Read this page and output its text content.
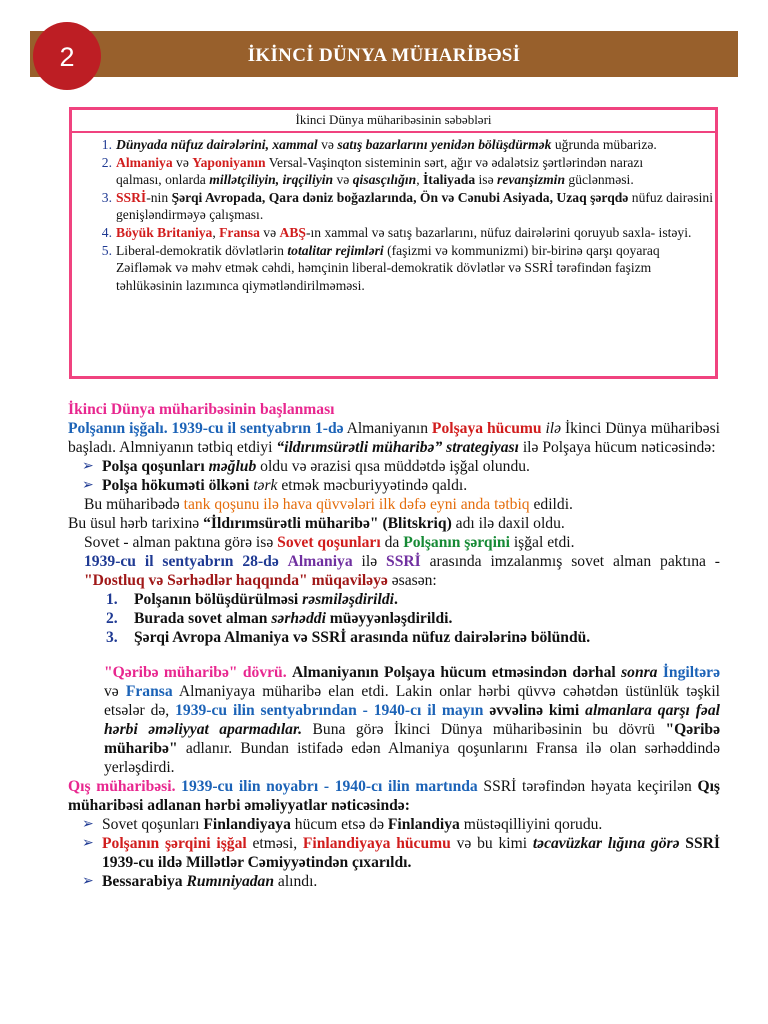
İKİNCİ DÜNYA MÜHARİBƏSİ
2
İkinci Dünya müharibəsinin səbəbləri
1. Dünyada nüfuz dairələrini, xammal və satış bazarlarını yenidən bölüşdürmək uğrunda mübarizə.
2. Almaniya və Yaponiyanın Versal-Vaşinqton sisteminin sərt, ağır və ədalətsiz şərtlərindən narazı
qalması, onlarda millətçiliyin, irqçiliyin və qisasçılığın, İtaliyada isə revanşizmin güclənməsi.
3. SSRİ-nin Şərqi Avropada, Qara dəniz boğazlarında, Ön və Cənubi Asiyada, Uzaq şərqdə nüfuz dairəsini genişləndirməyə çalışması.
4. Böyük Britaniya, Fransa və ABŞ-ın xammal və satış bazarlarını, nüfuz dairələrini qoruyub saxla- istəyi.
5. Liberal-demokratik dövlətlərin totalitar rejimləri (faşizmi və kommunizmi) bir-birinə qarşı qoyaraq
Zəifləmək və məhv etmək cəhdi, həmçinin liberal-demokratik dövlətlər və SSRİ tərəfindən faşizm
təhlükəsinin lazımınca qiymətləndirilməməsi.

İkinci Dünya müharibəsinin başlanması

Polşanın işğalı. 1939-cu il sentyabrın 1-də Almaniyanın Polşaya hücumu ilə İkinci Dünya müharibəsi başladı. Almniyanın tətbiq etdiyi “ildırımsürətli müharibə” strategiyası ilə Polşaya hücum nəticəsində:

➢ Polşa qoşunları məğlub oldu və ərazisi qısa müddətdə işğal olundu.
➢ Polşa hökuməti ölkəni tərk etmək məcburiyyətində qaldı.

Bu müharibədə tank qoşunu ilə hava qüvvələri ilk dəfə eyni anda tətbiq edildi.

Bu üsul hərb tarixinə “İldırımsürətli müharibə" (Blitskriq) adı ilə daxil oldu.

Sovet - alman paktına görə isə Sovet qoşunları da Polşanın şərqini işğal etdi.

1939-cu il sentyabrın 28-də Almaniya ilə SSRİ arasında imzalanmış sovet alman paktına - "Dostluq və Sərhədlər haqqında" müqaviləyə əsasən:

1.	Polşanın bölüşdürülməsi rəsmiləşdirildi.
2.	Burada sovet alman sərhəddi müəyyənləşdirildi.
3.	Şərqi Avropa Almaniya və SSRİ arasında nüfuz dairələrinə bölündü.

"Qəribə müharibə" dövrü. Almaniyanın Polşaya hücum etməsindən dərhal sonra İngiltərə və Fransa Almaniyaya müharibə elan etdi. Lakin onlar hərbi qüvvə cəhətdən üstünlük təşkil etsələr də, 1939-cu ilin sentyabrından - 1940-cı il mayın əvvəlinə kimi almanlara qarşı fəal hərbi əməliyyat aparmadılar. Buna görə İkinci Dünya müharibəsinin bu dövrü "Qəribə müharibə" adlanır. Bundan istifadə edən Almaniya qoşunlarını Fransa ilə olan sərhəddində yerləşdirdi.

Qış müharibəsi. 1939-cu ilin noyabrı - 1940-cı ilin martında SSRİ tərəfindən həyata keçirilən Qış müharibəsi adlanan hərbi əməliyyatlar nəticəsində:

➢ Sovet qoşunları Finlandiyaya hücum etsə də Finlandiya müstəqilliyini qorudu.
➢ Polşanın şərqini işğal etməsi, Finlandiyaya hücumu və bu kimi təcavüzkar lığına görə SSRİ 1939-cu ildə Millətlər Cəmiyyətindən çıxarıldı.
➢ Bessarabiya Rumıniyadan alındı.
